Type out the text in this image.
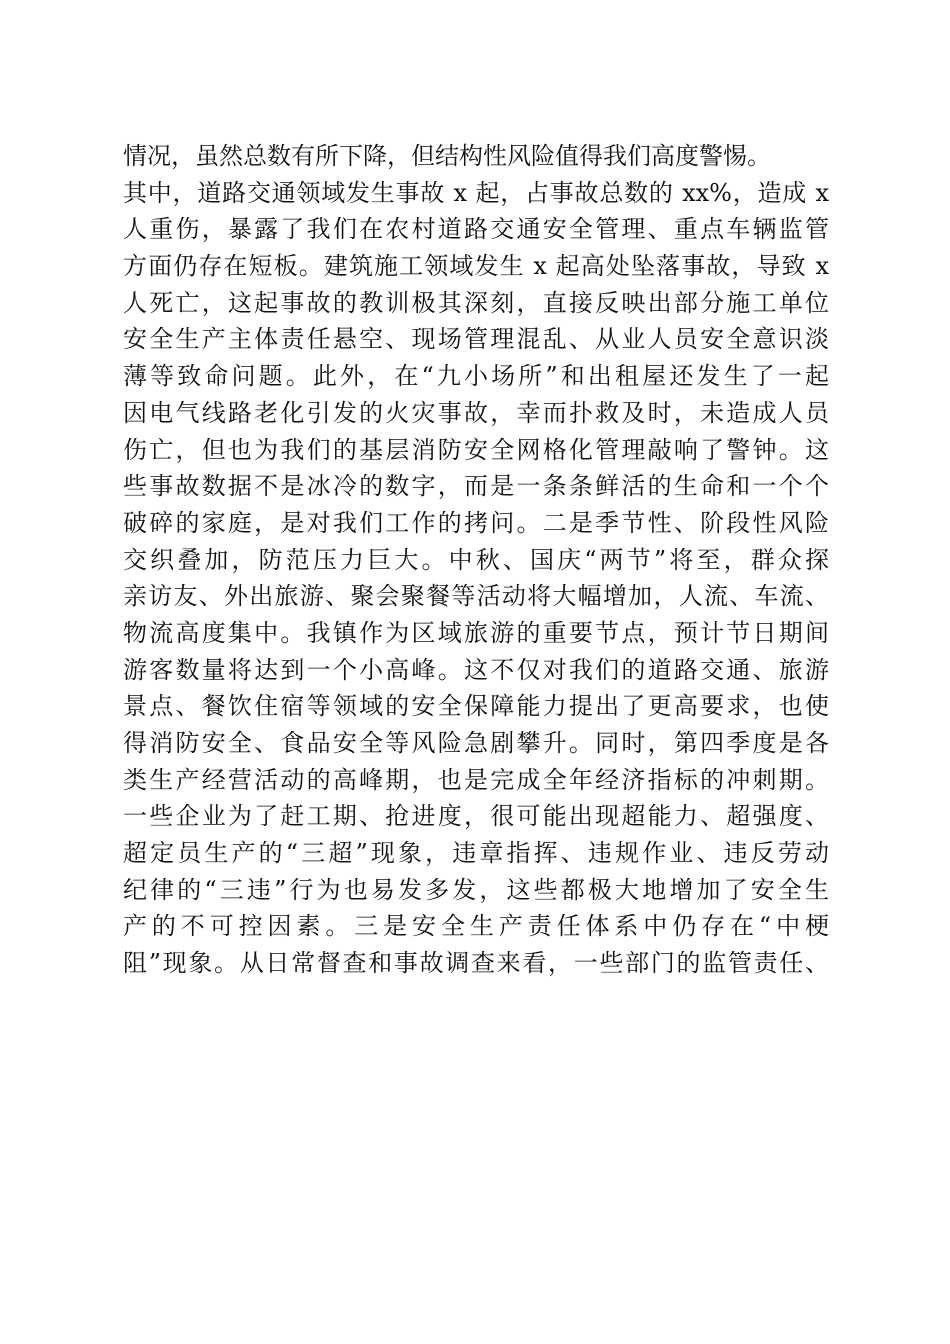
情况，虽然总数有所下降，但结构性风险值得我们高度警惕。
其中，道路交通领域发生事故 x 起，占事故总数的 xx%，造成 x
人重伤，暴露了我们在农村道路交通安全管理、重点车辆监管
方面仍存在短板。建筑施工领域发生 x 起高处坠落事故，导致 x
人死亡，这起事故的教训极其深刻，直接反映出部分施工单位
安全生产主体责任悬空、现场管理混乱、从业人员安全意识淡
薄等致命问题。此外，在“九小场所”和出租屋还发生了一起
因电气线路老化引发的火灾事故，幸而扑救及时，未造成人员
伤亡，但也为我们的基层消防安全网格化管理敲响了警钟。这
些事故数据不是冰冷的数字，而是一条条鲜活的生命和一个个
破碎的家庭，是对我们工作的拷问。二是季节性、阶段性风险
交织叠加，防范压力巨大。中秋、国庆“两节”将至，群众探
亲访友、外出旅游、聚会聚餐等活动将大幅增加，人流、车流、
物流高度集中。我镇作为区域旅游的重要节点，预计节日期间
游客数量将达到一个小高峰。这不仅对我们的道路交通、旅游
景点、餐饮住宿等领域的安全保障能力提出了更高要求，也使
得消防安全、食品安全等风险急剧攀升。同时，第四季度是各
类生产经营活动的高峰期，也是完成全年经济指标的冲刺期。
一些企业为了赶工期、抢进度，很可能出现超能力、超强度、
超定员生产的“三超”现象，违章指挥、违规作业、违反劳动
纪律的“三违”行为也易发多发，这些都极大地增加了安全生
产的不可控因素。三是安全生产责任体系中仍存在“中梗
阻”现象。从日常督查和事故调查来看，一些部门的监管责任、
